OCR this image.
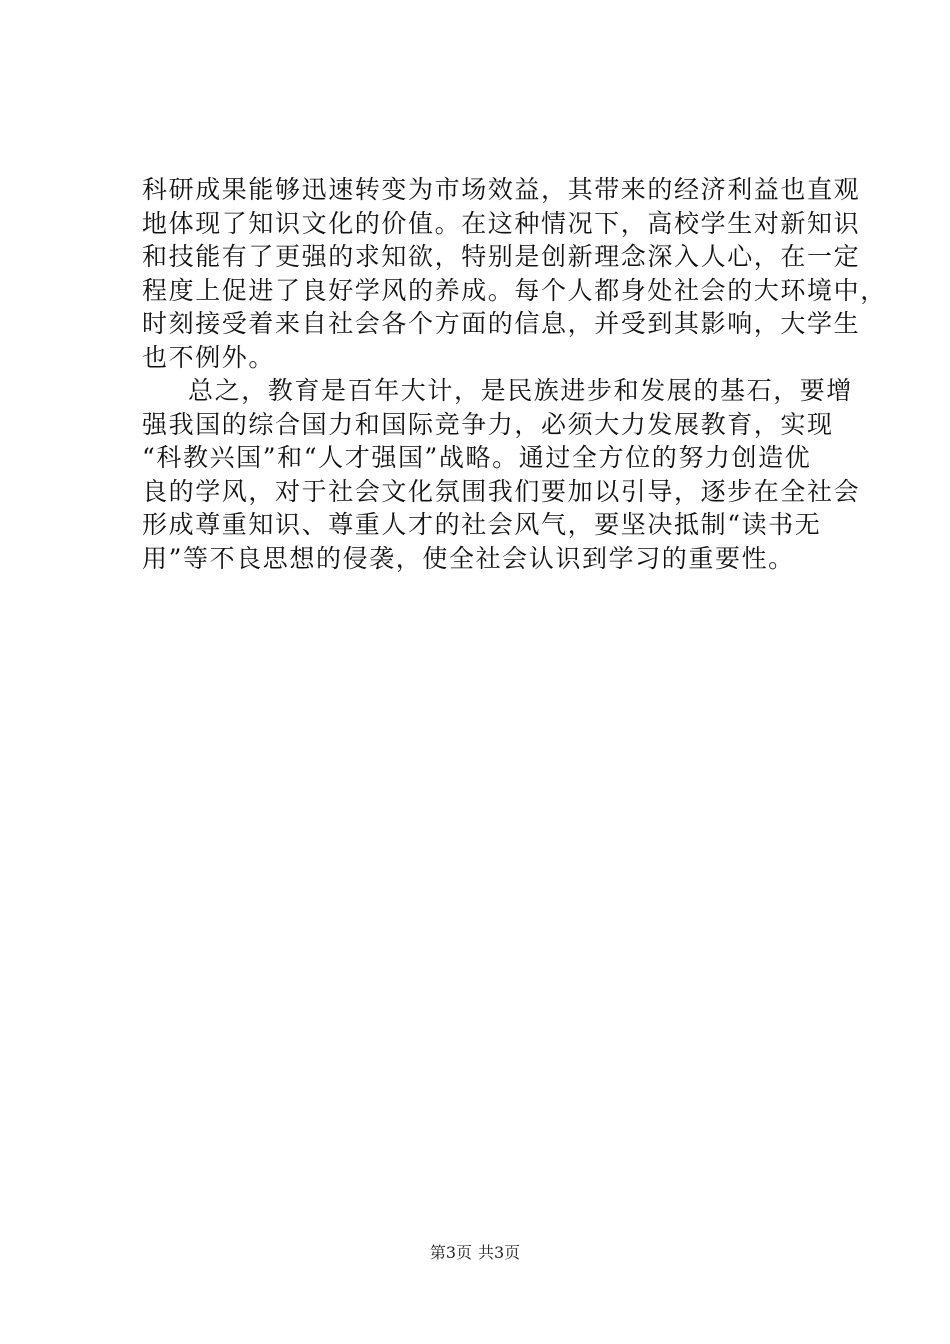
科研成果能够迅速转变为市场效益，其带来的经济利益也直观
地体现了知识文化的价值。在这种情况下，高校学生对新知识
和技能有了更强的求知欲，特别是创新理念深入人心，在一定
程度上促进了良好学风的养成。每个人都身处社会的大环境中，
时刻接受着来自社会各个方面的信息，并受到其影响，大学生
也不例外。
总之，教育是百年大计，是民族进步和发展的基石，要增
强我国的综合国力和国际竞争力，必须大力发展教育，实现
“科教兴国”和“人才强国”战略。通过全方位的努力创造优
良的学风，对于社会文化氛围我们要加以引导，逐步在全社会
形成尊重知识、尊重人才的社会风气，要坚决抵制“读书无
用”等不良思想的侵袭，使全社会认识到学习的重要性。
第3页 共3页
